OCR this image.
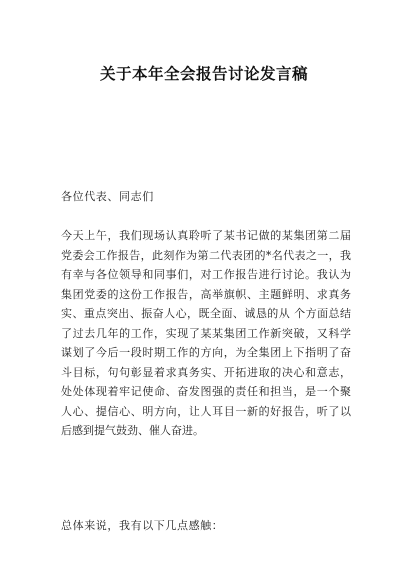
关于本年全会报告讨论发言稿

各位代表、同志们

今天上午，我们现场认真聆听了某书记做的某集团第二届
党委会工作报告，此刻作为第二代表团的*名代表之一，我
有幸与各位领导和同事们，对工作报告进行讨论。我认为
集团党委的这份工作报告，高举旗帜、主题鲜明、求真务
实、重点突出、振奋人心，既全面、诚恳的从 个方面总结
了过去几年的工作，实现了某某集团工作新突破，又科学
谋划了今后一段时期工作的方向，为全集团上下指明了奋
斗目标，句句彰显着求真务实、开拓进取的决心和意志，
处处体现着牢记使命、奋发图强的责任和担当，是一个聚
人心、提信心、明方向，让人耳目一新的好报告，听了以
后感到提气鼓劲、催人奋进。

总体来说，我有以下几点感触：
